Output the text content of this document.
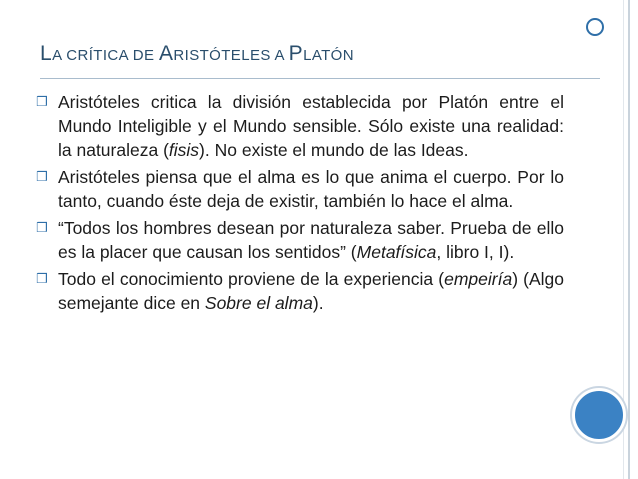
LA CRÍTICA DE ARISTÓTELES A PLATÓN
❒ Aristóteles critica la división establecida por Platón entre el Mundo Inteligible y el Mundo sensible. Sólo existe una realidad: la naturaleza (fisis). No existe el mundo de las Ideas.

❒ Aristóteles piensa que el alma es lo que anima el cuerpo. Por lo tanto, cuando éste deja de existir, también lo hace el alma.

❒ “Todos los hombres desean por naturaleza saber. Prueba de ello es la placer que causan los sentidos” (Metafísica, libro I, I).

❒ Todo el conocimiento proviene de la experiencia (empeiría) (Algo semejante dice en Sobre el alma).
